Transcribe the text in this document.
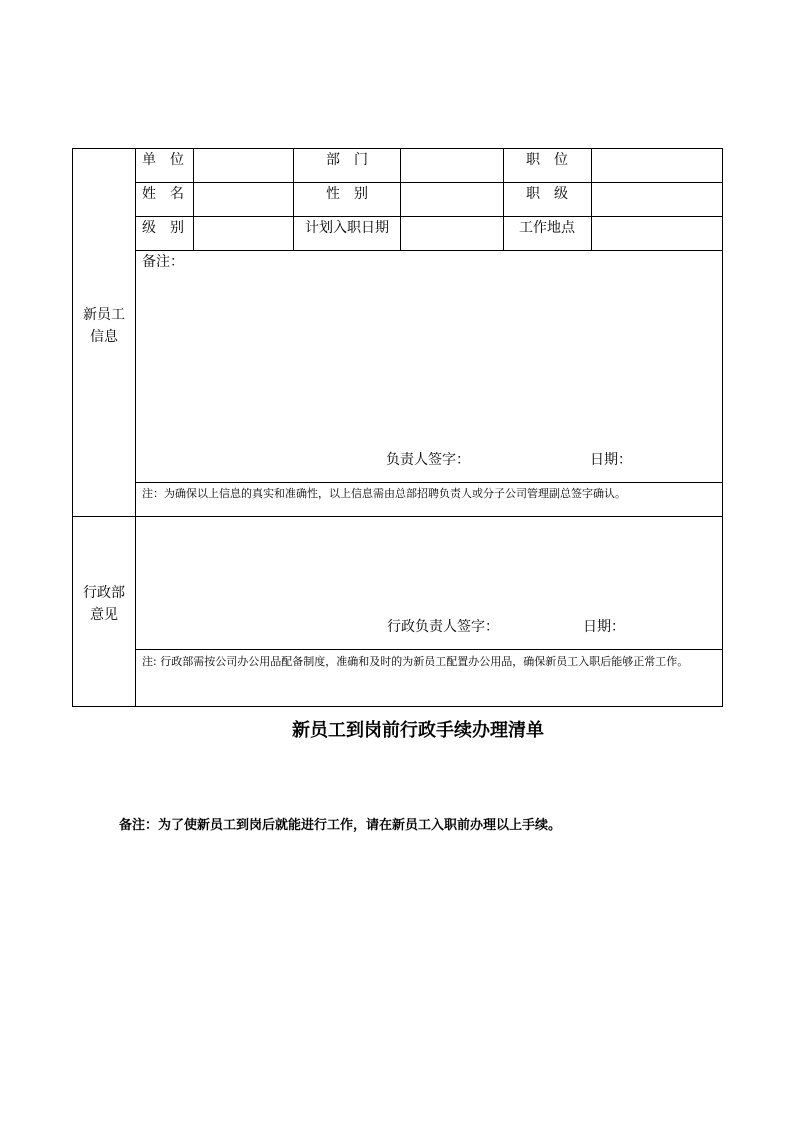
单　位	部　门	职　位
姓　名	性　别	职　级
级　别	计划入职日期	工作地点
新员工
信息
备注：
负责人签字：	日期：
注：为确保以上信息的真实和准确性，以上信息需由总部招聘负责人或分子公司管理副总签字确认。
行政部
意见
行政负责人签字：	日期：
注: 行政部需按公司办公用品配备制度，准确和及时的为新员工配置办公用品，确保新员工入职后能够正常工作。
新员工到岗前行政手续办理清单
备注：为了使新员工到岗后就能进行工作，请在新员工入职前办理以上手续。
